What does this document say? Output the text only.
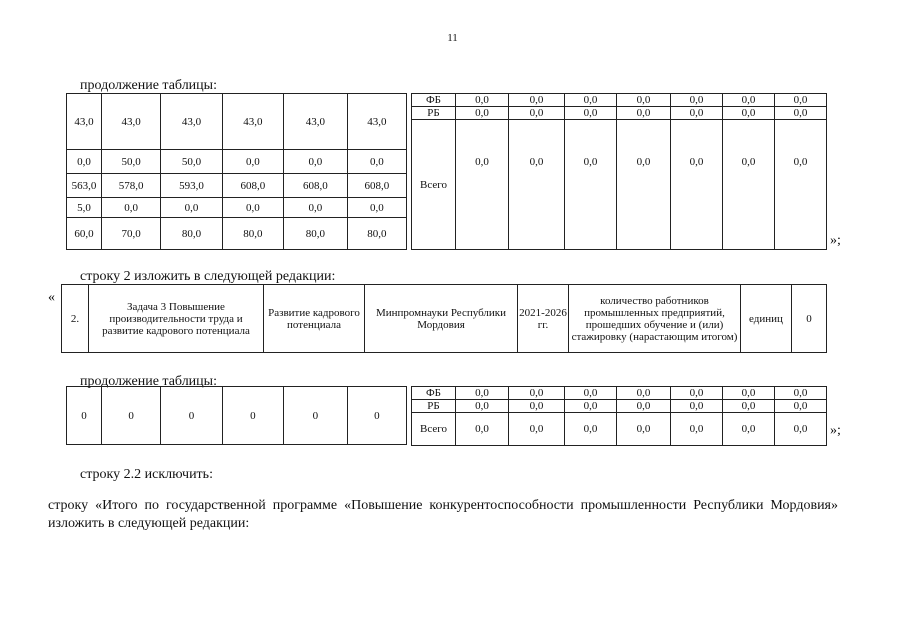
11
продолжение таблицы:
43,0	43,0	43,0	43,0	43,0	43,0
0,0	50,0	50,0	0,0	0,0	0,0
563,0	578,0	593,0	608,0	608,0	608,0
5,0	0,0	0,0	0,0	0,0	0,0
60,0	70,0	80,0	80,0	80,0	80,0
ФБ	0,0	0,0	0,0	0,0	0,0	0,0	0,0
РБ	0,0	0,0	0,0	0,0	0,0	0,0	0,0
Всего	0,0	0,0	0,0	0,0	0,0	0,0	0,0
»;
строку 2 изложить в следующей редакции:
«
2.	Задача 3 Повышение производительности труда и развитие кадрового потенциала	Развитие кадрового потенциала	Минпромнауки Республики Мордовия	2021-2026 гг.	количество работников промышленных предприятий, прошедших обучение и (или) стажировку (нарастающим итогом)	единиц	0
продолжение таблицы:
0	0	0	0	0	0
ФБ	0,0	0,0	0,0	0,0	0,0	0,0	0,0
РБ	0,0	0,0	0,0	0,0	0,0	0,0	0,0
Всего	0,0	0,0	0,0	0,0	0,0	0,0	0,0 »;
строку 2.2 исключить:
строку «Итого по государственной программе «Повышение конкурентоспособности промышленности Республики Мордовия» изложить в следующей редакции:
